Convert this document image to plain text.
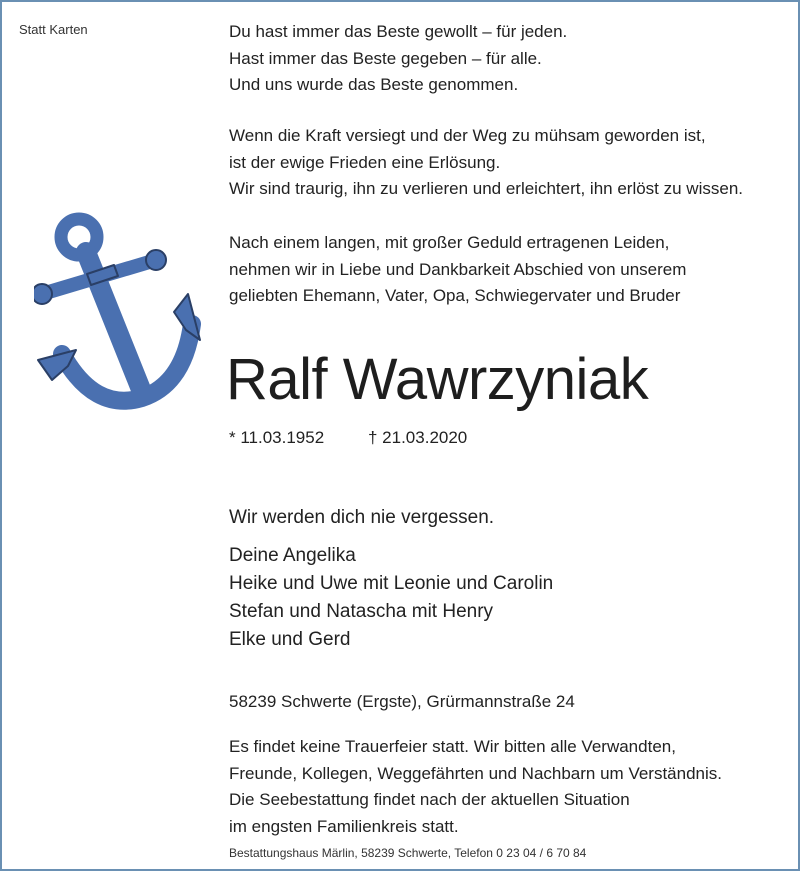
Statt Karten	Du hast immer das Beste gewollt – für jeden.
Hast immer das Beste gegeben – für alle.
Und uns wurde das Beste genommen.
Wenn die Kraft versiegt und der Weg zu mühsam geworden ist,
ist der ewige Frieden eine Erlösung.
Wir sind traurig, ihn zu verlieren und erleichtert, ihn erlöst zu wissen.
Nach einem langen, mit großer Geduld ertragenen Leiden,
nehmen wir in Liebe und Dankbarkeit Abschied von unserem
geliebten Ehemann, Vater, Opa, Schwiegervater und Bruder
Ralf Wawrzyniak
* 11.03.1952	† 21.03.2020
Wir werden dich nie vergessen.
Deine Angelika
Heike und Uwe mit Leonie und Carolin
Stefan und Natascha mit Henry
Elke und Gerd
58239 Schwerte (Ergste), Grürmannstraße 24
Es findet keine Trauerfeier statt. Wir bitten alle Verwandten,
Freunde, Kollegen, Weggefährten und Nachbarn um Verständnis.
Die Seebestattung findet nach der aktuellen Situation
im engsten Familienkreis statt.
Bestattungshaus Märlin, 58239 Schwerte, Telefon 0 23 04 / 6 70 84
